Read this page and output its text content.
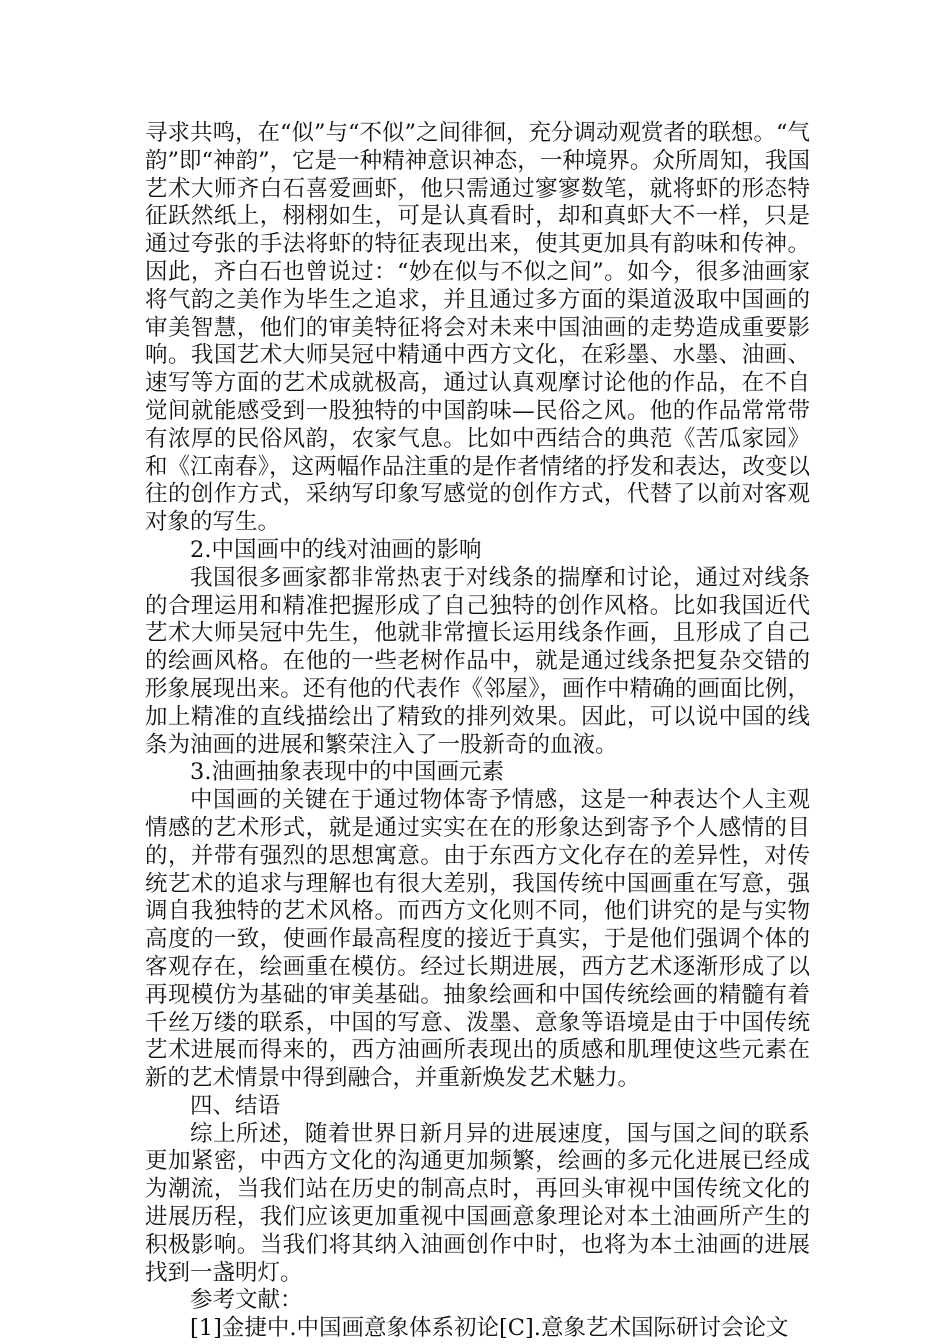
寻求共鸣，在“似”与“不似”之间徘徊，充分调动观赏者的联想。“气韵”即“神韵”，它是一种精神意识神态，一种境界。众所周知，我国艺术大师齐白石喜爱画虾，他只需通过寥寥数笔，就将虾的形态特征跃然纸上，栩栩如生，可是认真看时，却和真虾大不一样，只是通过夸张的手法将虾的特征表现出来，使其更加具有韵味和传神。因此，齐白石也曾说过：“妙在似与不似之间”。如今，很多油画家将气韵之美作为毕生之追求，并且通过多方面的渠道汲取中国画的审美智慧，他们的审美特征将会对未来中国油画的走势造成重要影响。我国艺术大师吴冠中精通中西方文化，在彩墨、水墨、油画、速写等方面的艺术成就极高，通过认真观摩讨论他的作品，在不自觉间就能感受到一股独特的中国韵味—民俗之风。他的作品常常带有浓厚的民俗风韵，农家气息。比如中西结合的典范《苦瓜家园》和《江南春》，这两幅作品注重的是作者情绪的抒发和表达，改变以往的创作方式，采纳写印象写感觉的创作方式，代替了以前对客观对象的写生。

2.中国画中的线对油画的影响

我国很多画家都非常热衷于对线条的揣摩和讨论，通过对线条的合理运用和精准把握形成了自己独特的创作风格。比如我国近代艺术大师吴冠中先生，他就非常擅长运用线条作画，且形成了自己的绘画风格。在他的一些老树作品中，就是通过线条把复杂交错的形象展现出来。还有他的代表作《邻屋》，画作中精确的画面比例，加上精准的直线描绘出了精致的排列效果。因此，可以说中国的线条为油画的进展和繁荣注入了一股新奇的血液。

3.油画抽象表现中的中国画元素

中国画的关键在于通过物体寄予情感，这是一种表达个人主观情感的艺术形式，就是通过实实在在的形象达到寄予个人感情的目的，并带有强烈的思想寓意。由于东西方文化存在的差异性，对传统艺术的追求与理解也有很大差别，我国传统中国画重在写意，强调自我独特的艺术风格。而西方文化则不同，他们讲究的是与实物高度的一致，使画作最高程度的接近于真实，于是他们强调个体的客观存在，绘画重在模仿。经过长期进展，西方艺术逐渐形成了以再现模仿为基础的审美基础。抽象绘画和中国传统绘画的精髓有着千丝万缕的联系，中国的写意、泼墨、意象等语境是由于中国传统艺术进展而得来的，西方油画所表现出的质感和肌理使这些元素在新的艺术情景中得到融合，并重新焕发艺术魅力。

四、结语

综上所述，随着世界日新月异的进展速度，国与国之间的联系更加紧密，中西方文化的沟通更加频繁，绘画的多元化进展已经成为潮流，当我们站在历史的制高点时，再回头审视中国传统文化的进展历程，我们应该更加重视中国画意象理论对本土油画所产生的积极影响。当我们将其纳入油画创作中时，也将为本土油画的进展找到一盏明灯。

参考文献：

[1]金捷中.中国画意象体系初论[C].意象艺术国际研讨会论文
